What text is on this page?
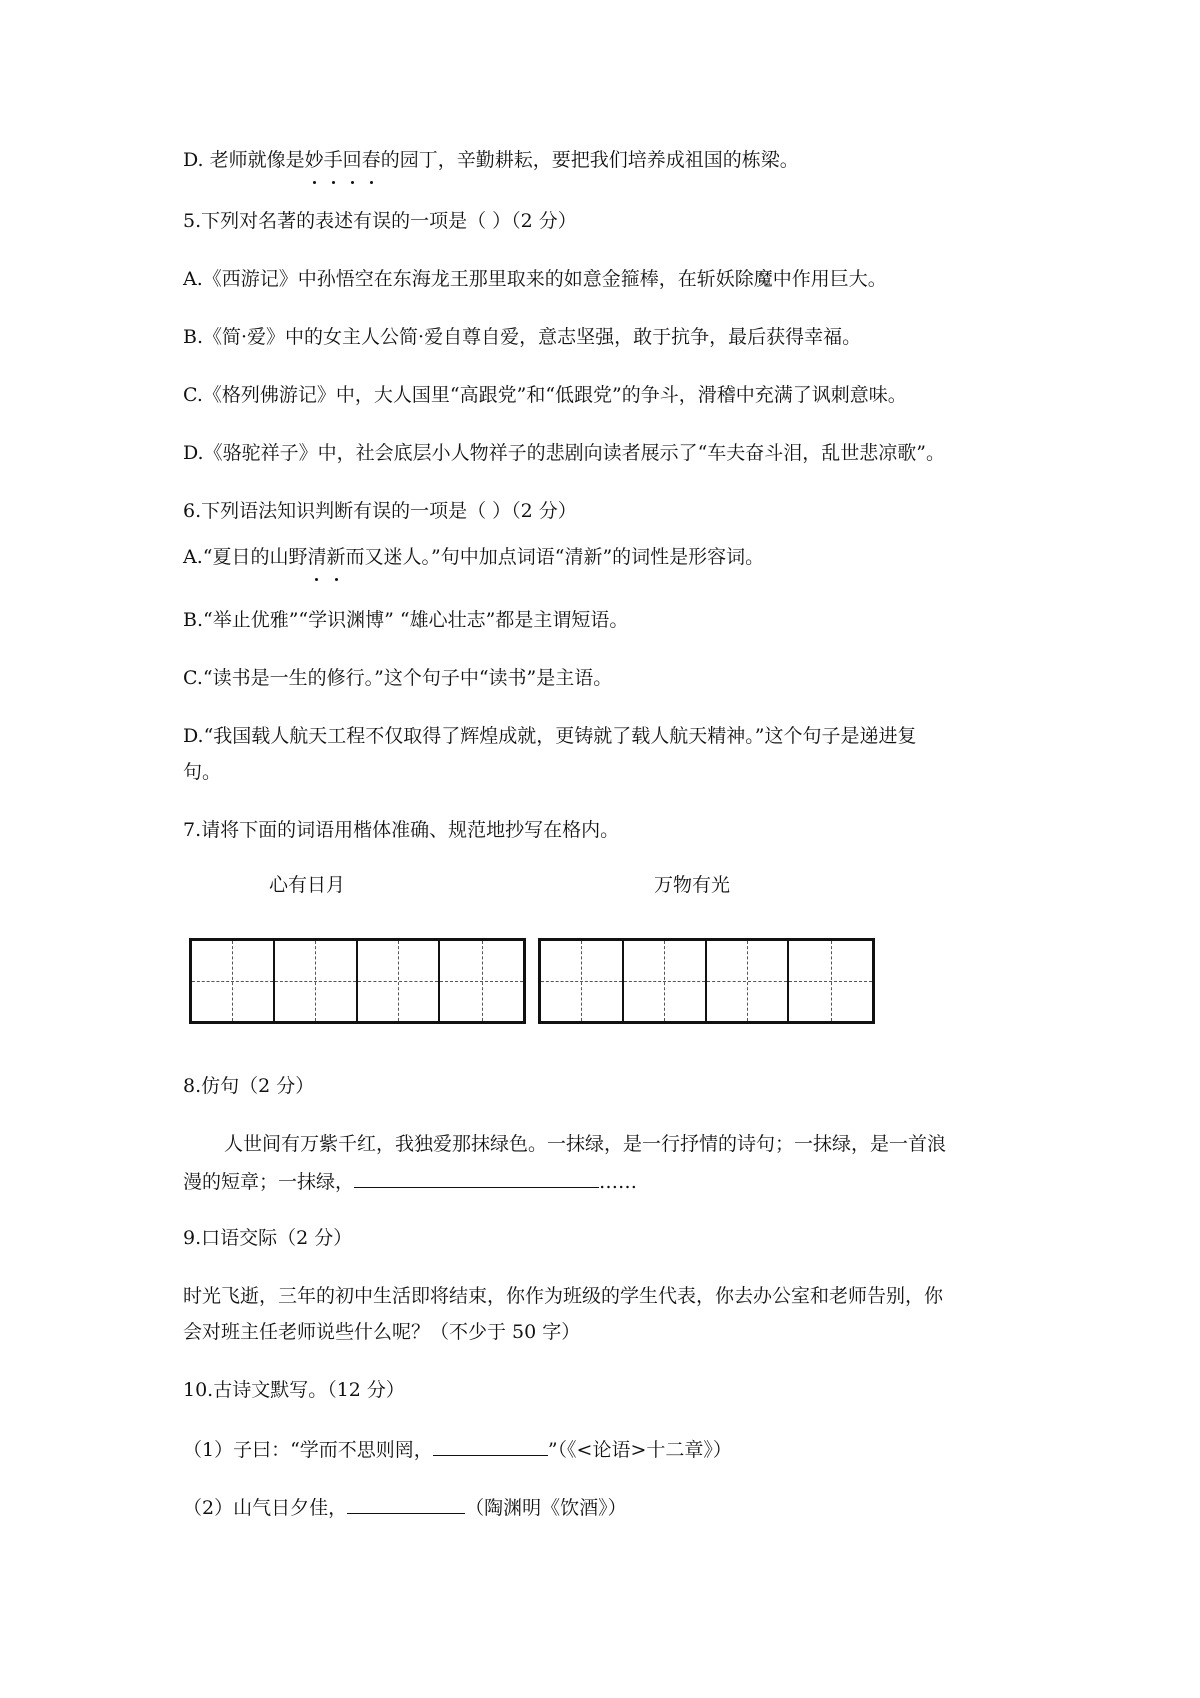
D. 老师就像是妙手回春的园丁，辛勤耕耘，要把我们培养成祖国的栋梁。
5.下列对名著的表述有误的一项是（ ）（2 分）
A.《西游记》中孙悟空在东海龙王那里取来的如意金箍棒，在斩妖除魔中作用巨大。
B.《简·爱》中的女主人公简·爱自尊自爱，意志坚强，敢于抗争，最后获得幸福。
C.《格列佛游记》中，大人国里“高跟党”和“低跟党”的争斗，滑稽中充满了讽刺意味。
D.《骆驼祥子》中，社会底层小人物祥子的悲剧向读者展示了“车夫奋斗泪，乱世悲凉歌”。
6.下列语法知识判断有误的一项是（ ）（2 分）
A.“夏日的山野清新而又迷人。”句中加点词语“清新”的词性是形容词。
B.“举止优雅”“学识渊博” “雄心壮志”都是主谓短语。
C.“读书是一生的修行。”这个句子中“读书”是主语。
D.“我国载人航天工程不仅取得了辉煌成就，更铸就了载人航天精神。”这个句子是递进复
句。
7.请将下面的词语用楷体准确、规范地抄写在格内。
心有日月	万物有光
8.仿句（2 分）
人世间有万紫千红，我独爱那抹绿色。一抹绿，是一行抒情的诗句；一抹绿，是一首浪
漫的短章；一抹绿，	……
9.口语交际（2 分）
时光飞逝，三年的初中生活即将结束，你作为班级的学生代表，你去办公室和老师告别，你
会对班主任老师说些什么呢？（不少于 50 字）
10.古诗文默写。（12 分）
（1）子曰：“学而不思则罔，	”（《<论语>十二章》）
（2）山气日夕佳，	（陶渊明《饮酒》）
